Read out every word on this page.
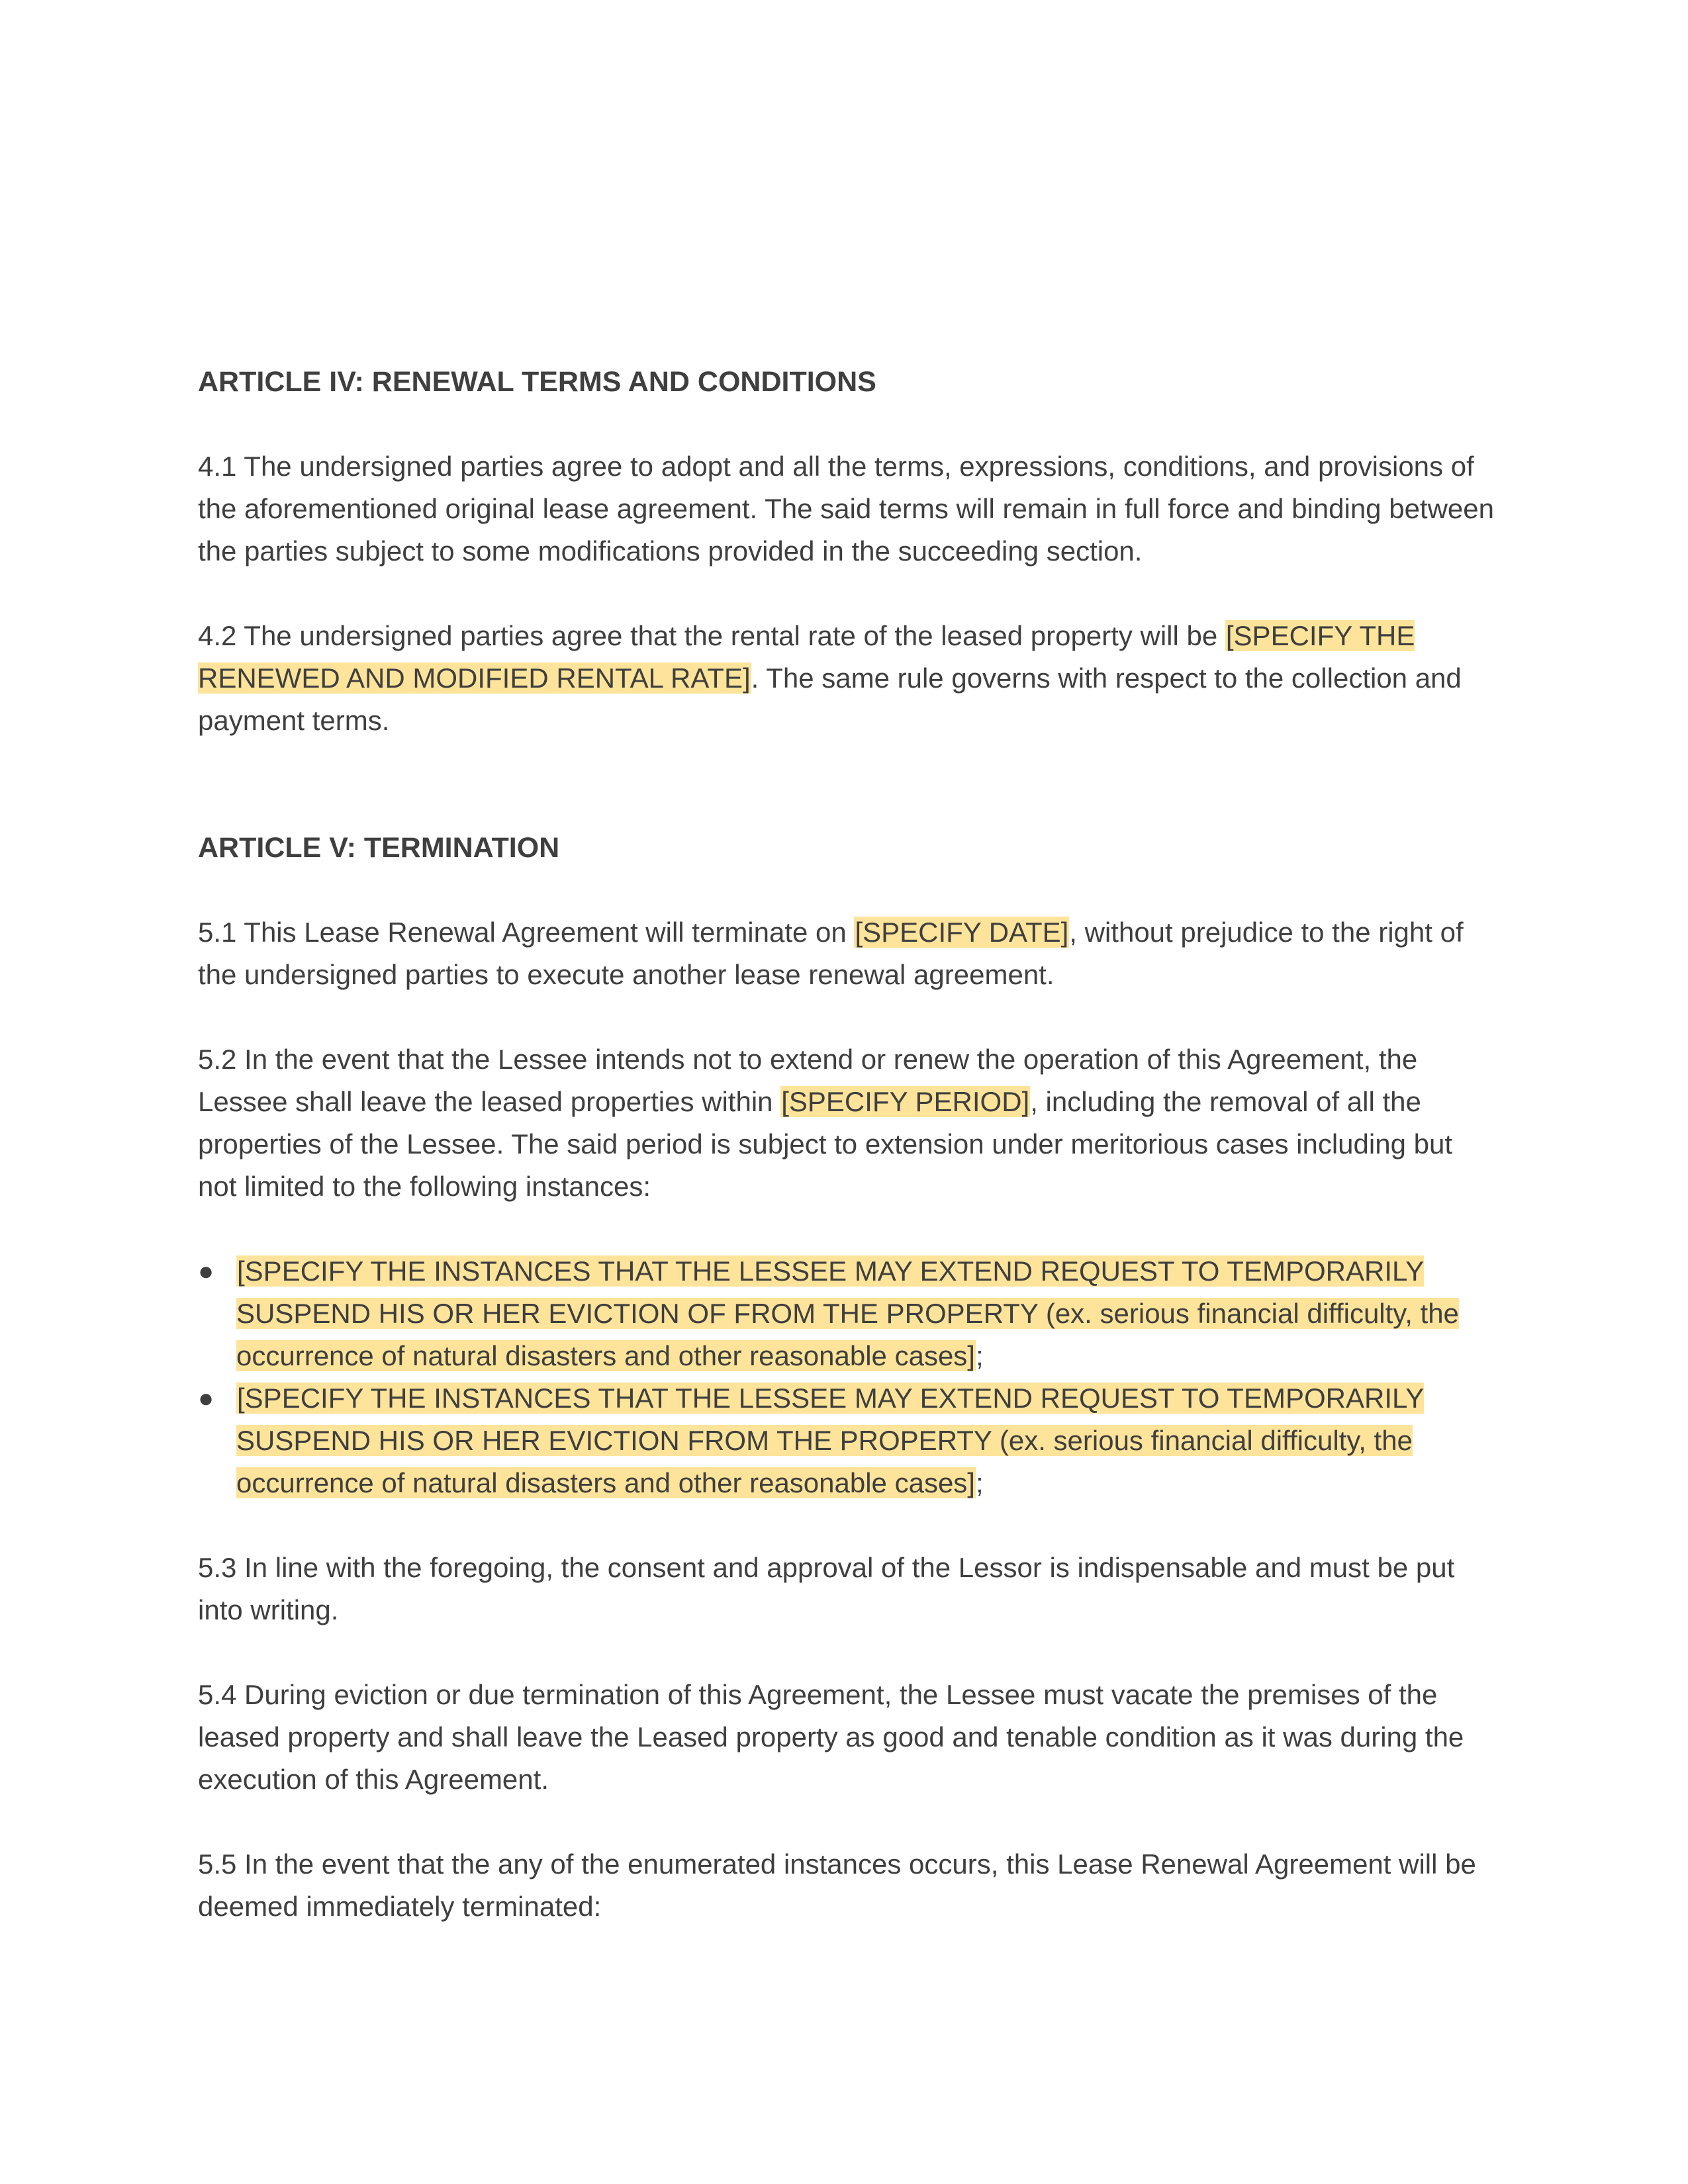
ARTICLE IV: RENEWAL TERMS AND CONDITIONS

4.1 The undersigned parties agree to adopt and all the terms, expressions, conditions, and provisions of the aforementioned original lease agreement. The said terms will remain in full force and binding between the parties subject to some modifications provided in the succeeding section.

4.2 The undersigned parties agree that the rental rate of the leased property will be [SPECIFY THE RENEWED AND MODIFIED RENTAL RATE]. The same rule governs with respect to the collection and payment terms.

ARTICLE V: TERMINATION

5.1 This Lease Renewal Agreement will terminate on [SPECIFY DATE], without prejudice to the right of the undersigned parties to execute another lease renewal agreement.

5.2 In the event that the Lessee intends not to extend or renew the operation of this Agreement, the Lessee shall leave the leased properties within [SPECIFY PERIOD], including the removal of all the properties of the Lessee. The said period is subject to extension under meritorious cases including but not limited to the following instances:

● [SPECIFY THE INSTANCES THAT THE LESSEE MAY EXTEND REQUEST TO TEMPORARILY SUSPEND HIS OR HER EVICTION OF FROM THE PROPERTY (ex. serious financial difficulty, the occurrence of natural disasters and other reasonable cases];
● [SPECIFY THE INSTANCES THAT THE LESSEE MAY EXTEND REQUEST TO TEMPORARILY SUSPEND HIS OR HER EVICTION FROM THE PROPERTY (ex. serious financial difficulty, the occurrence of natural disasters and other reasonable cases];

5.3 In line with the foregoing, the consent and approval of the Lessor is indispensable and must be put into writing.

5.4 During eviction or due termination of this Agreement, the Lessee must vacate the premises of the leased property and shall leave the Leased property as good and tenable condition as it was during the execution of this Agreement.

5.5 In the event that the any of the enumerated instances occurs, this Lease Renewal Agreement will be deemed immediately terminated:
